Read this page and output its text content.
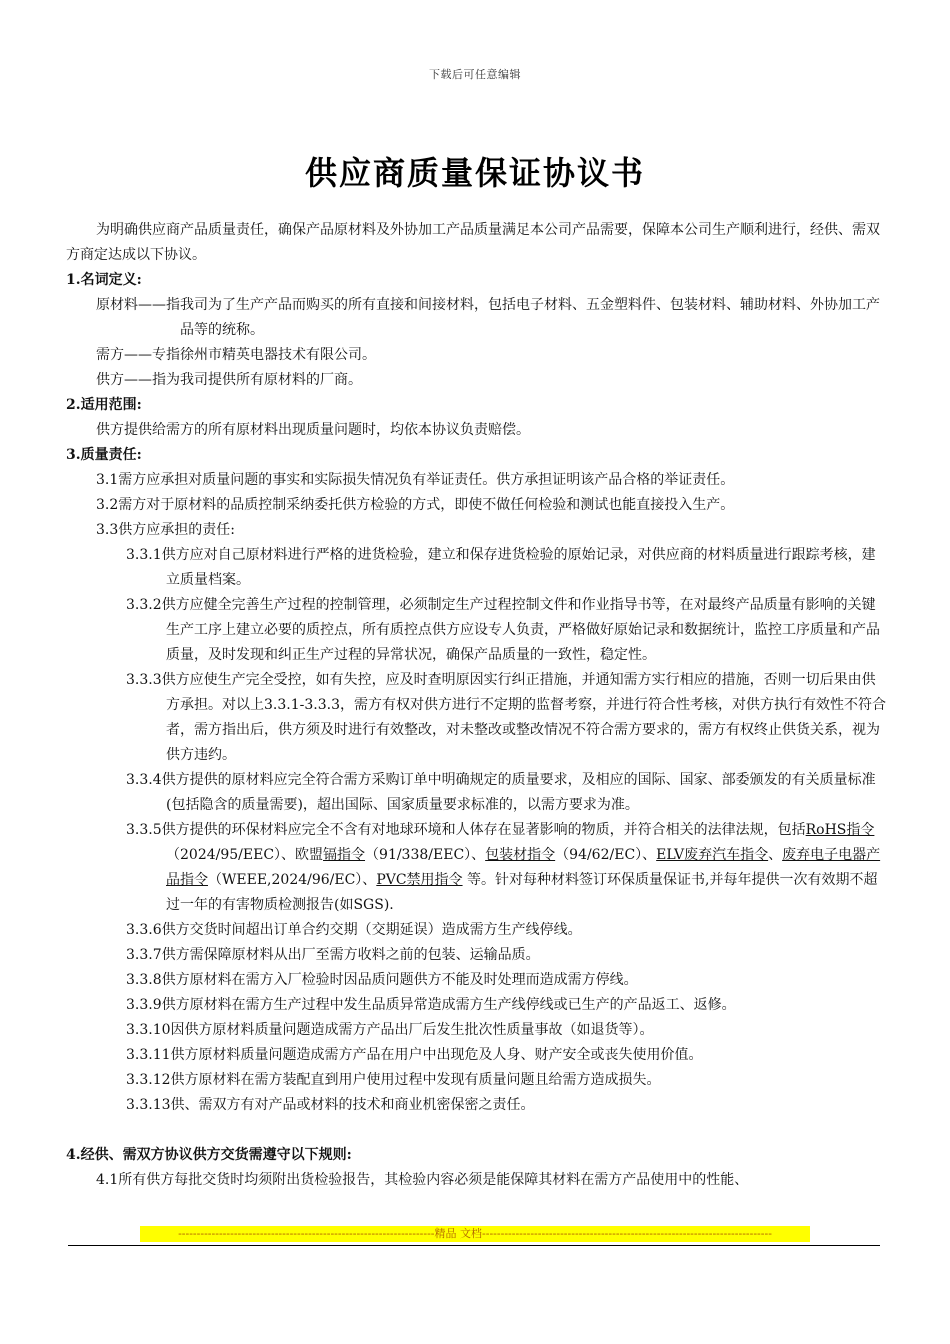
下载后可任意编辑
供应商质量保证协议书

为明确供应商产品质量责任，确保产品原材料及外协加工产品质量满足本公司产品需要，保障本公司生产顺利进行，经供、需双方商定达成以下协议。

1.名词定义:

原材料——指我司为了生产产品而购买的所有直接和间接材料，包括电子材料、五金塑料件、包装材料、辅助材料、外协加工产品等的统称。

需方——专指徐州市精英电器技术有限公司。

供方——指为我司提供所有原材料的厂商。

2.适用范围:

供方提供给需方的所有原材料出现质量问题时，均依本协议负责赔偿。

3.质量责任:

3.1需方应承担对质量问题的事实和实际损失情况负有举证责任。供方承担证明该产品合格的举证责任。

3.2需方对于原材料的品质控制采纳委托供方检验的方式，即使不做任何检验和测试也能直接投入生产。

3.3供方应承担的责任:

3.3.1供方应对自己原材料进行严格的进货检验，建立和保存进货检验的原始记录，对供应商的材料质量进行跟踪考核，建立质量档案。

3.3.2供方应健全完善生产过程的控制管理，必须制定生产过程控制文件和作业指导书等，在对最终产品质量有影响的关键生产工序上建立必要的质控点，所有质控点供方应设专人负责，严格做好原始记录和数据统计，监控工序质量和产品质量，及时发现和纠正生产过程的异常状况，确保产品质量的一致性，稳定性。

3.3.3供方应使生产完全受控，如有失控，应及时查明原因实行纠正措施，并通知需方实行相应的措施，否则一切后果由供方承担。对以上3.3.1-3.3.3，需方有权对供方进行不定期的监督考察，并进行符合性考核，对供方执行有效性不符合者，需方指出后，供方须及时进行有效整改，对未整改或整改情况不符合需方要求的，需方有权终止供货关系，视为供方违约。

3.3.4供方提供的原材料应完全符合需方采购订单中明确规定的质量要求，及相应的国际、国家、部委颁发的有关质量标准(包括隐含的质量需要)，超出国际、国家质量要求标准的，以需方要求为准。

3.3.5供方提供的环保材料应完全不含有对地球环境和人体存在显著影响的物质，并符合相关的法律法规，包括RoHS指令（2024/95/EEC）、欧盟镉指令（91/338/EEC）、包装材指令（94/62/EC）、ELV废弃汽车指令、废弃电子电器产品指令（WEEE,2024/96/EC）、PVC禁用指令 等。针对每种材料签订环保质量保证书,并每年提供一次有效期不超过一年的有害物质检测报告(如SGS).

3.3.6供方交货时间超出订单合约交期（交期延误）造成需方生产线停线。

3.3.7供方需保障原材料从出厂至需方收料之前的包装、运输品质。

3.3.8供方原材料在需方入厂检验时因品质问题供方不能及时处理而造成需方停线。

3.3.9供方原材料在需方生产过程中发生品质异常造成需方生产线停线或已生产的产品返工、返修。

3.3.10因供方原材料质量问题造成需方产品出厂后发生批次性质量事故（如退货等）。

3.3.11供方原材料质量问题造成需方产品在用户中出现危及人身、财产安全或丧失使用价值。

3.3.12供方原材料在需方装配直到用户使用过程中发现有质量问题且给需方造成损失。

3.3.13供、需双方有对产品或材料的技术和商业机密保密之责任。

4.经供、需双方协议供方交货需遵守以下规则:

4.1所有供方每批交货时均须附出货检验报告，其检验内容必须是能保障其材料在需方产品使用中的性能、

---------------------------------------------------------------------精品 文档------------------------------------------------------------------------------
